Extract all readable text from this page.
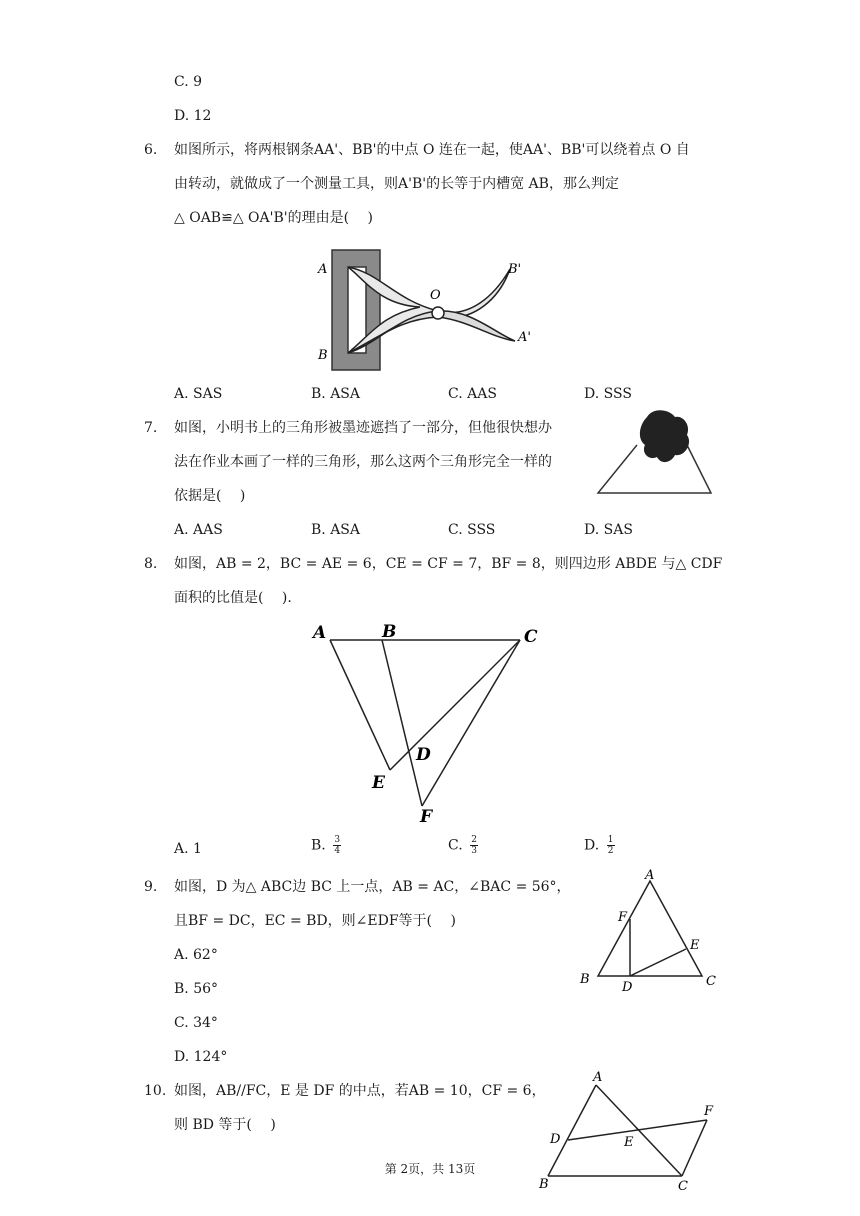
C. 9
D. 12
6. 如图所示，将两根钢条AA'、BB'的中点 O 连在一起，使AA'、BB'可以绕着点 O 自
由转动，就做成了一个测量工具，则A'B'的长等于内槽宽 AB，那么判定
△ OAB≌△ OA'B'的理由是(　 )
A
B
O
B'
A'
A. SAS	B. ASA	C. AAS	D. SSS
7. 如图，小明书上的三角形被墨迹遮挡了一部分，但他很快想办
法在作业本画了一样的三角形，那么这两个三角形完全一样的
依据是(　 )
A. AAS	B. ASA	C. SSS	D. SAS
8. 如图，AB = 2，BC = AE = 6，CE = CF = 7，BF = 8，则四边形 ABDE 与△ CDF
面积的比值是(　 ).
A	B	C
D
E
F
A. 1	B. $\frac{3}{4}$	C. $\frac{2}{3}$	D. $\frac{1}{2}$
9. 如图，D 为△ ABC边 BC 上一点，AB = AC，∠BAC = 56°，
且BF = DC，EC = BD，则∠EDF等于(　 )
A
B	C
D
E
F
A. 62°
B. 56°
C. 34°
D. 124°
10. 如图，AB//FC，E 是 DF 的中点，若AB = 10，CF = 6，
则 BD 等于(　 )
A
B	C
D	E
F
第 2页，共 13页
